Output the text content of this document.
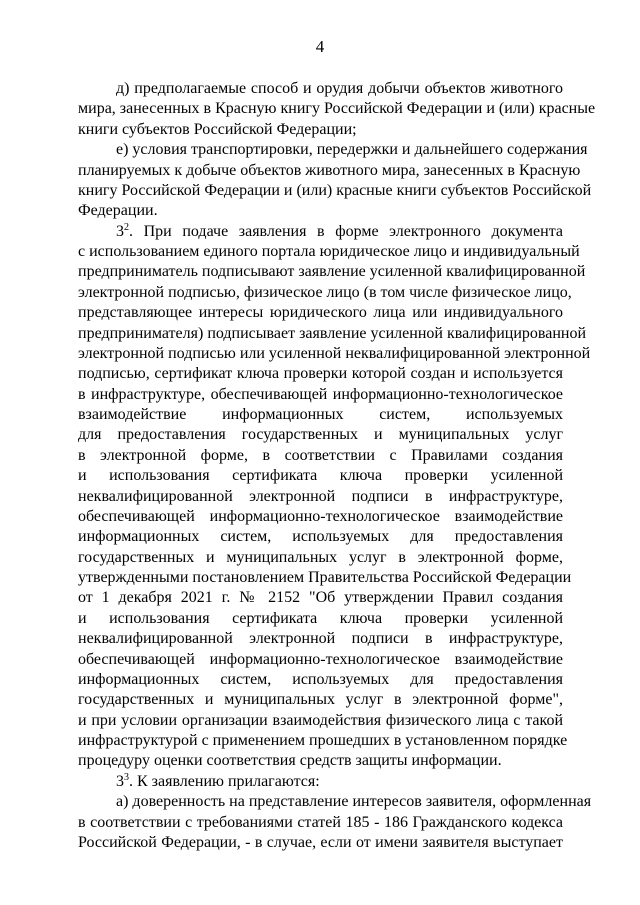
4
д) предполагаемые способ и орудия добычи объектов животного
мира, занесенных в Красную книгу Российской Федерации и (или) красные
книги субъектов Российской Федерации;
е) условия транспортировки, передержки и дальнейшего содержания
планируемых к добыче объектов животного мира, занесенных в Красную
книгу Российской Федерации и (или) красные книги субъектов Российской
Федерации.
$3^2$. При подаче заявления в форме электронного документа
с использованием единого портала юридическое лицо и индивидуальный
предприниматель подписывают заявление усиленной квалифицированной
электронной подписью, физическое лицо (в том числе физическое лицо,
представляющее интересы юридического лица или индивидуального
предпринимателя) подписывает заявление усиленной квалифицированной
электронной подписью или усиленной неквалифицированной электронной
подписью, сертификат ключа проверки которой создан и используется
в инфраструктуре, обеспечивающей информационно-технологическое
взаимодействие информационных систем, используемых
для предоставления государственных и муниципальных услуг
в электронной форме, в соответствии с Правилами создания
и использования сертификата ключа проверки усиленной
неквалифицированной электронной подписи в инфраструктуре,
обеспечивающей информационно-технологическое взаимодействие
информационных систем, используемых для предоставления
государственных и муниципальных услуг в электронной форме,
утвержденными постановлением Правительства Российской Федерации
от 1 декабря 2021 г. № 2152 "Об утверждении Правил создания
и использования сертификата ключа проверки усиленной
неквалифицированной электронной подписи в инфраструктуре,
обеспечивающей информационно-технологическое взаимодействие
информационных систем, используемых для предоставления
государственных и муниципальных услуг в электронной форме",
и при условии организации взаимодействия физического лица с такой
инфраструктурой с применением прошедших в установленном порядке
процедуру оценки соответствия средств защиты информации.
$3^3$. К заявлению прилагаются:
а) доверенность на представление интересов заявителя, оформленная
в соответствии с требованиями статей 185 - 186 Гражданского кодекса
Российской Федерации, - в случае, если от имени заявителя выступает
